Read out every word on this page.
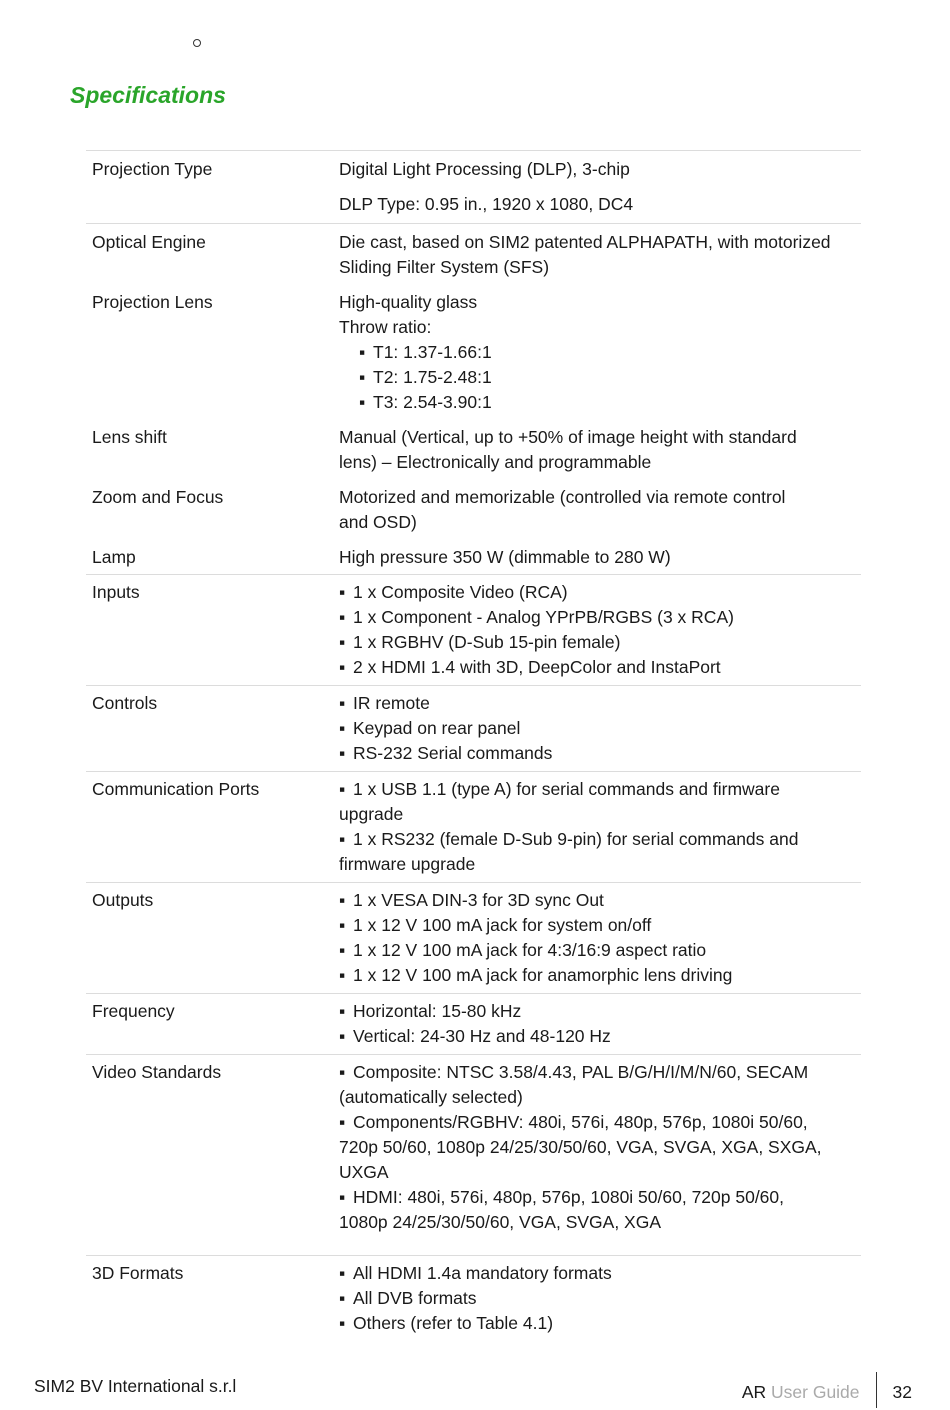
Specifications
Projection Type	Digital Light Processing (DLP), 3-chip
DLP Type: 0.95 in., 1920 x 1080, DC4
Optical Engine	Die cast, based on SIM2 patented ALPHAPATH, with motorized
Sliding Filter System (SFS)
Projection Lens	High-quality glass
Throw ratio:
▪ T1: 1.37-1.66:1
▪ T2: 1.75-2.48:1
▪ T3: 2.54-3.90:1
Lens shift	Manual (Vertical, up to +50% of image height with standard
lens) – Electronically and programmable
Zoom and Focus	Motorized and memorizable (controlled via remote control
and OSD)
Lamp	High pressure 350 W (dimmable to 280 W)
Inputs	▪ 1 x Composite Video (RCA)
▪ 1 x Component - Analog YPrPB/RGBS (3 x RCA)
▪ 1 x RGBHV (D-Sub 15-pin female)
▪ 2 x HDMI 1.4 with 3D, DeepColor and InstaPort
Controls	▪ IR remote
▪ Keypad on rear panel
▪ RS-232 Serial commands
Communication Ports	▪ 1 x USB 1.1 (type A) for serial commands and firmware
upgrade
▪ 1 x RS232 (female D-Sub 9-pin) for serial commands and
firmware upgrade
Outputs	▪ 1 x VESA DIN-3 for 3D sync Out
▪ 1 x 12 V 100 mA jack for system on/off
▪ 1 x 12 V 100 mA jack for 4:3/16:9 aspect ratio
▪ 1 x 12 V 100 mA jack for anamorphic lens driving
Frequency	▪ Horizontal: 15-80 kHz
▪ Vertical: 24-30 Hz and 48-120 Hz
Video Standards	▪ Composite: NTSC 3.58/4.43, PAL B/G/H/I/M/N/60, SECAM
(automatically selected)
▪ Components/RGBHV: 480i, 576i, 480p, 576p, 1080i 50/60,
720p 50/60, 1080p 24/25/30/50/60, VGA, SVGA, XGA, SXGA,
UXGA
▪ HDMI: 480i, 576i, 480p, 576p, 1080i 50/60, 720p 50/60,
1080p 24/25/30/50/60, VGA, SVGA, XGA
3D Formats	▪ All HDMI 1.4a mandatory formats
▪ All DVB formats
▪ Others (refer to Table 4.1)
SIM2 BV International s.r.l	AR
User Guide 32
